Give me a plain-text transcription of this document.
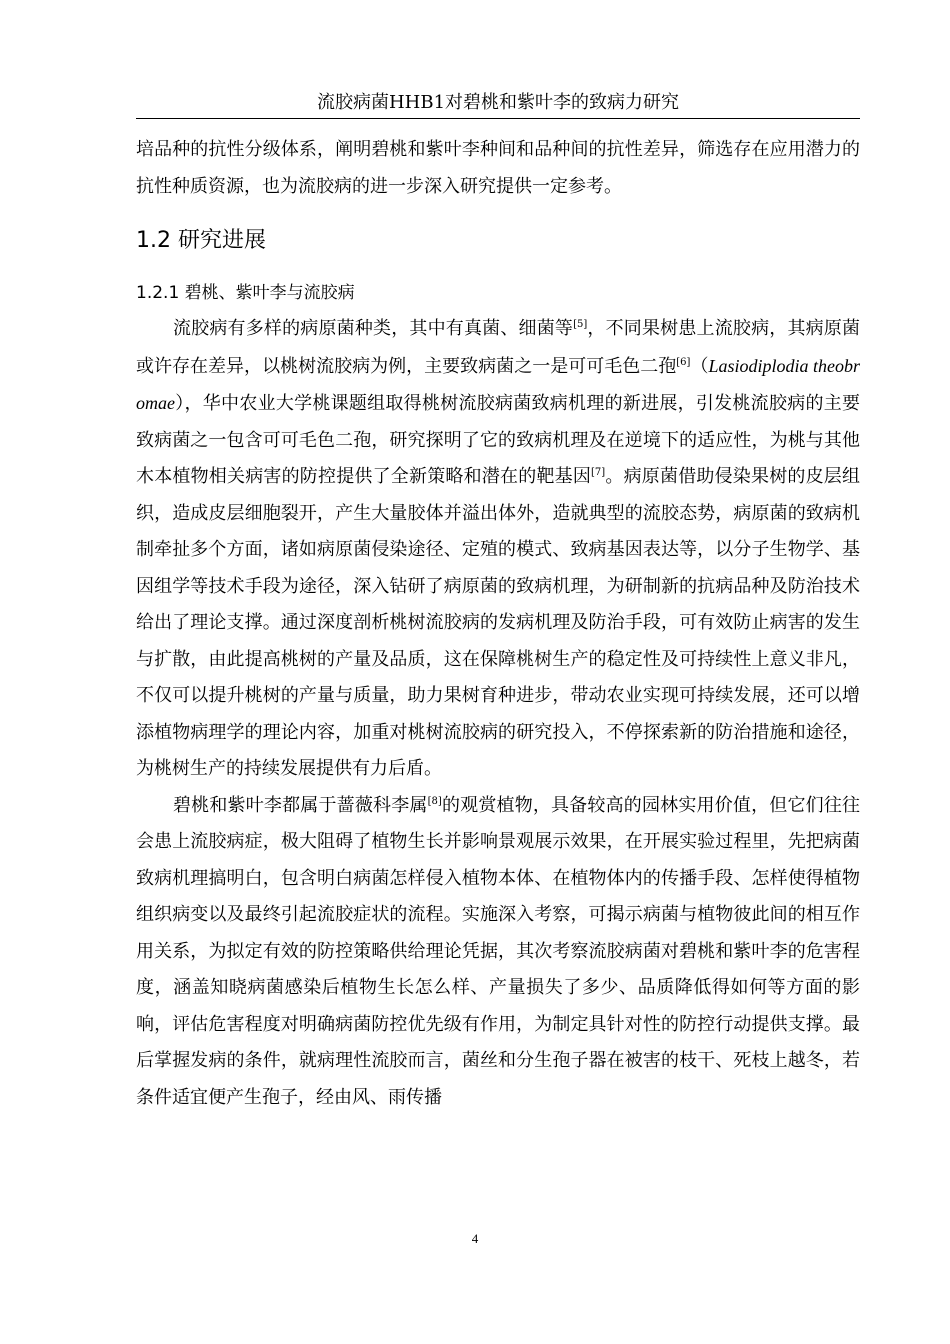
流胶病菌HHB1对碧桃和紫叶李的致病力研究

培品种的抗性分级体系，阐明碧桃和紫叶李种间和品种间的抗性差异，筛选存在应用潜力的抗性种质资源，也为流胶病的进一步深入研究提供一定参考。

1.2 研究进展
1.2.1 碧桃、紫叶李与流胶病

流胶病有多样的病原菌种类，其中有真菌、细菌等[5]，不同果树患上流胶病，其病原菌或许存在差异，以桃树流胶病为例，主要致病菌之一是可可毛色二孢[6]（Lasiodiplodia theobromae），华中农业大学桃课题组取得桃树流胶病菌致病机理的新进展，引发桃流胶病的主要致病菌之一包含可可毛色二孢，研究探明了它的致病机理及在逆境下的适应性，为桃与其他木本植物相关病害的防控提供了全新策略和潜在的靶基因[7]。病原菌借助侵染果树的皮层组织，造成皮层细胞裂开，产生大量胶体并溢出体外，造就典型的流胶态势，病原菌的致病机制牵扯多个方面，诸如病原菌侵染途径、定殖的模式、致病基因表达等，以分子生物学、基因组学等技术手段为途径，深入钻研了病原菌的致病机理，为研制新的抗病品种及防治技术给出了理论支撑。通过深度剖析桃树流胶病的发病机理及防治手段，可有效防止病害的发生与扩散，由此提高桃树的产量及品质，这在保障桃树生产的稳定性及可持续性上意义非凡，不仅可以提升桃树的产量与质量，助力果树育种进步，带动农业实现可持续发展，还可以增添植物病理学的理论内容，加重对桃树流胶病的研究投入，不停探索新的防治措施和途径，为桃树生产的持续发展提供有力后盾。

碧桃和紫叶李都属于蔷薇科李属[8]的观赏植物，具备较高的园林实用价值，但它们往往会患上流胶病症，极大阻碍了植物生长并影响景观展示效果，在开展实验过程里，先把病菌致病机理搞明白，包含明白病菌怎样侵入植物本体、在植物体内的传播手段、怎样使得植物组织病变以及最终引起流胶症状的流程。实施深入考察，可揭示病菌与植物彼此间的相互作用关系，为拟定有效的防控策略供给理论凭据，其次考察流胶病菌对碧桃和紫叶李的危害程度，涵盖知晓病菌感染后植物生长怎么样、产量损失了多少、品质降低得如何等方面的影响，评估危害程度对明确病菌防控优先级有作用，为制定具针对性的防控行动提供支撑。最后掌握发病的条件，就病理性流胶而言，菌丝和分生孢子器在被害的枝干、死枝上越冬，若条件适宜便产生孢子，经由风、雨传播

4
